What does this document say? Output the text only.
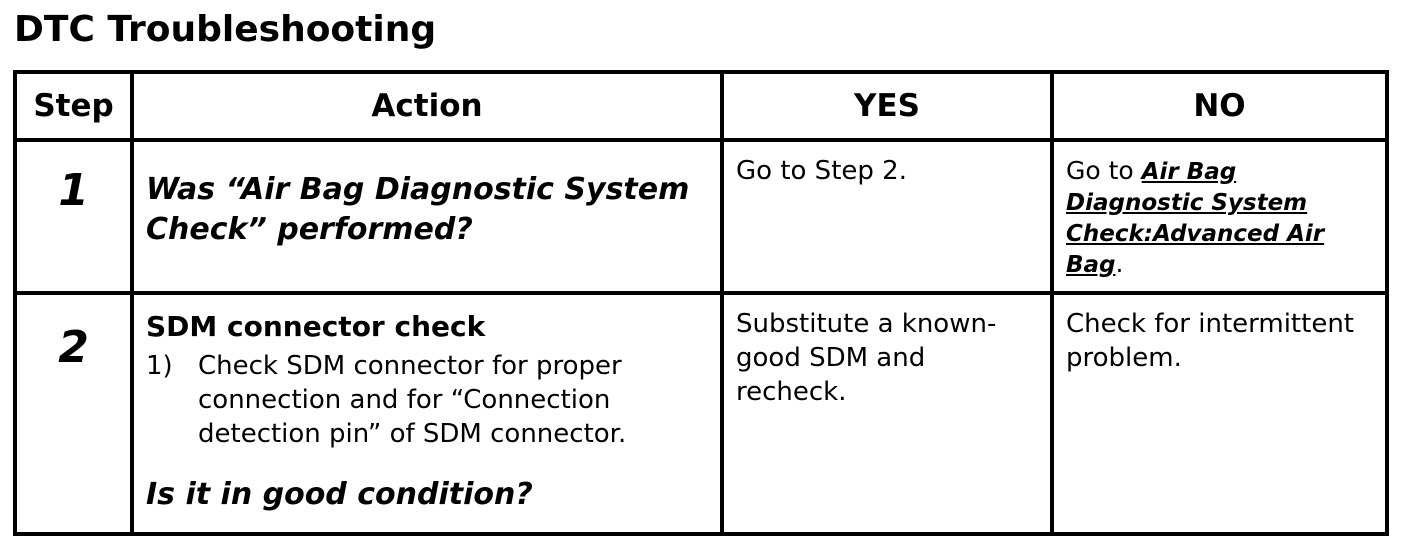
DTC Troubleshooting
Step	Action	YES	NO

1	Was “Air Bag Diagnostic System Check” performed?	Go to Step 2.	Go to Air Bag Diagnostic System Check:Advanced Air Bag.

2	SDM connector check
1) Check SDM connector for proper connection and for “Connection detection pin” of SDM connector.
Is it in good condition?	Substitute a known-good SDM and recheck.	Check for intermittent problem.
